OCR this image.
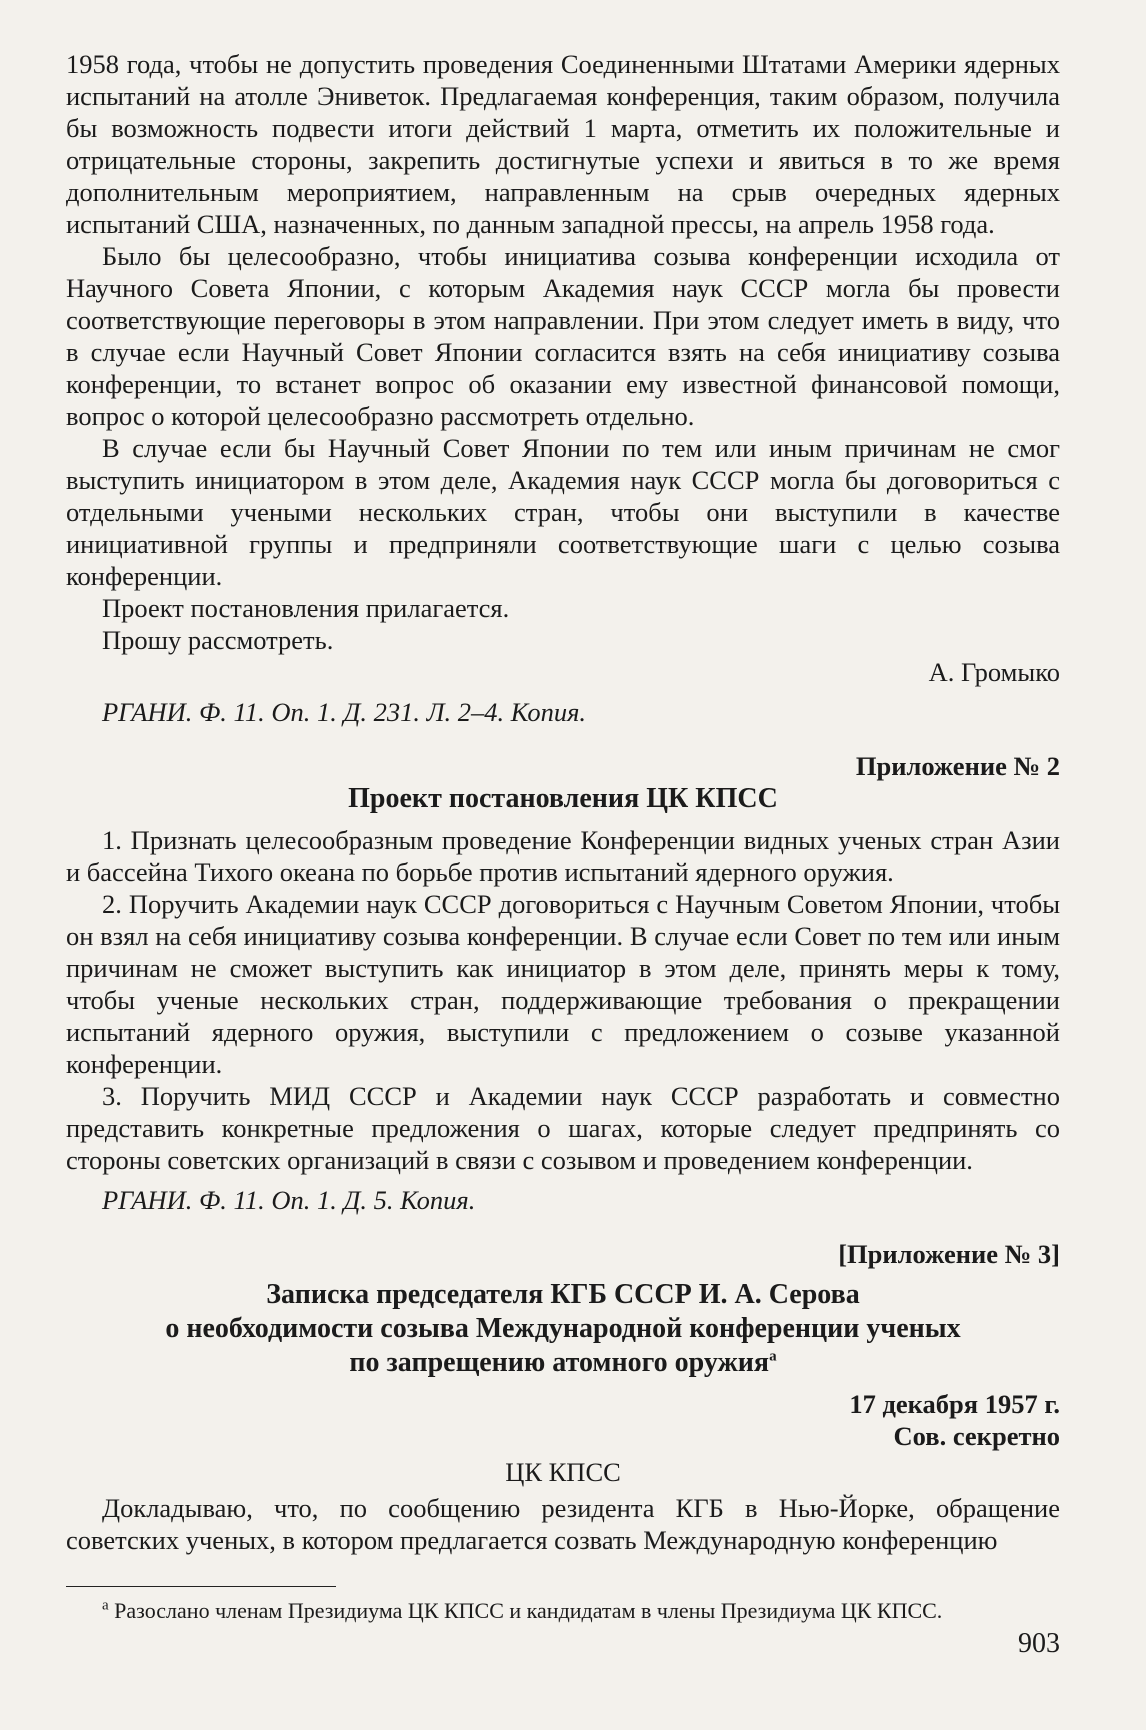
1958 года, чтобы не допустить проведения Соединенными Штатами Америки ядерных испытаний на атолле Эниветок. Предлагаемая конференция, таким образом, получила бы возможность подвести итоги действий 1 марта, отметить их положительные и отрицательные стороны, закрепить достигнутые успехи и явиться в то же время дополнительным мероприятием, направленным на срыв очередных ядерных испытаний США, назначенных, по данным западной прессы, на апрель 1958 года.

Было бы целесообразно, чтобы инициатива созыва конференции исходила от Научного Совета Японии, с которым Академия наук СССР могла бы провести соответствующие переговоры в этом направлении. При этом следует иметь в виду, что в случае если Научный Совет Японии согласится взять на себя инициативу созыва конференции, то встанет вопрос об оказании ему известной финансовой помощи, вопрос о которой целесообразно рассмотреть отдельно.

В случае если бы Научный Совет Японии по тем или иным причинам не смог выступить инициатором в этом деле, Академия наук СССР могла бы договориться с отдельными учеными нескольких стран, чтобы они выступили в качестве инициативной группы и предприняли соответствующие шаги с целью созыва конференции.

Проект постановления прилагается.

Прошу рассмотреть.

А. Громыко

РГАНИ. Ф. 11. Оп. 1. Д. 231. Л. 2–4. Копия.

Приложение № 2

Проект постановления ЦК КПСС

1. Признать целесообразным проведение Конференции видных ученых стран Азии и бассейна Тихого океана по борьбе против испытаний ядерного оружия.

2. Поручить Академии наук СССР договориться с Научным Советом Японии, чтобы он взял на себя инициативу созыва конференции. В случае если Совет по тем или иным причинам не сможет выступить как инициатор в этом деле, принять меры к тому, чтобы ученые нескольких стран, поддерживающие требования о прекращении испытаний ядерного оружия, выступили с предложением о созыве указанной конференции.

3. Поручить МИД СССР и Академии наук СССР разработать и совместно представить конкретные предложения о шагах, которые следует предпринять со стороны советских организаций в связи с созывом и проведением конференции.

РГАНИ. Ф. 11. Оп. 1. Д. 5. Копия.

[Приложение № 3]

Записка председателя КГБ СССР И. А. Серова
о необходимости созыва Международной конференции ученых
по запрещению атомного оружия$^а$

17 декабря 1957 г.

Сов. секретно

ЦК КПСС

Докладываю, что, по сообщению резидента КГБ в Нью-Йорке, обращение советских ученых, в котором предлагается созвать Международную конференцию

$^а$ Разослано членам Президиума ЦК КПСС и кандидатам в члены Президиума ЦК КПСС.

903
